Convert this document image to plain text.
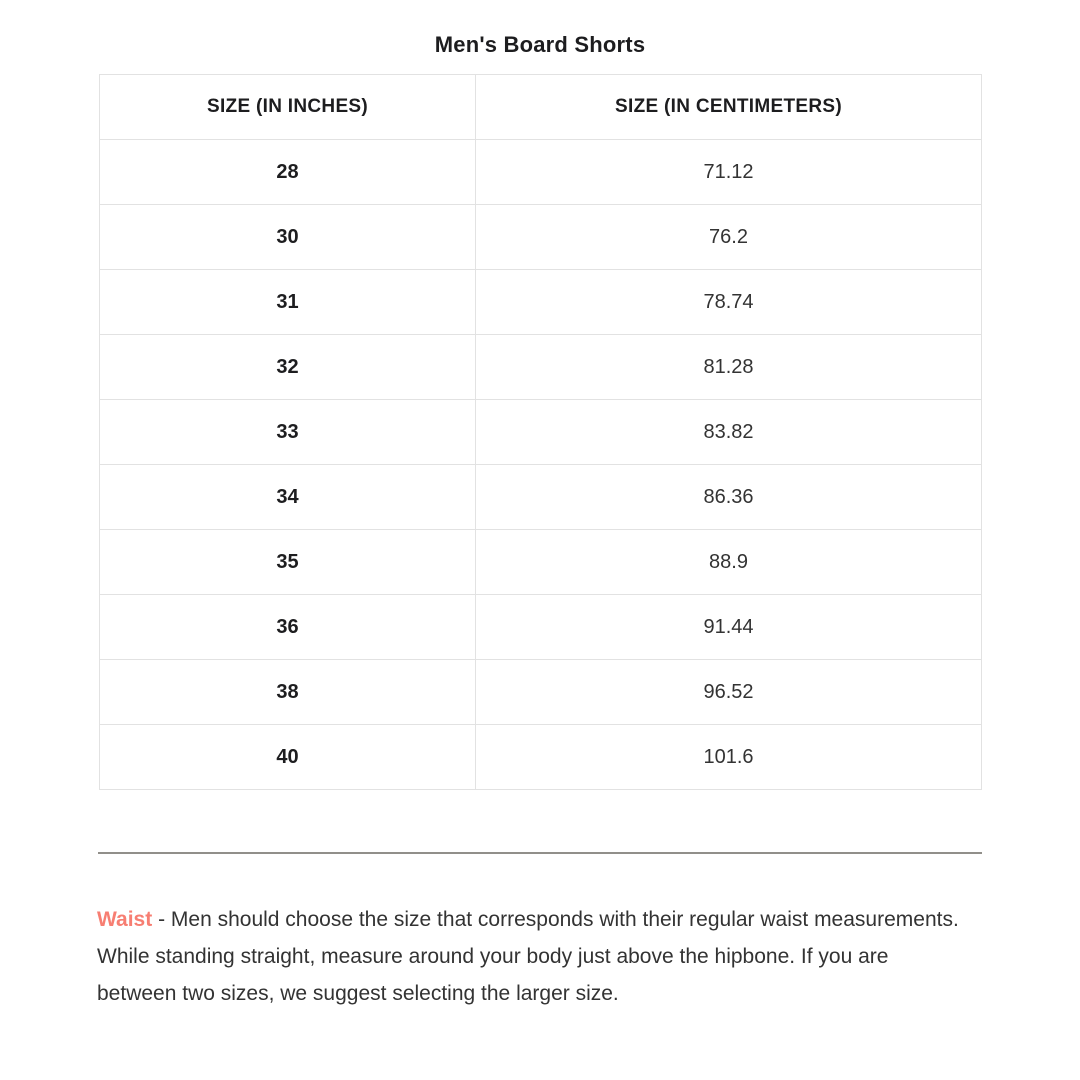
Men's Board Shorts
SIZE (IN INCHES)	SIZE (IN CENTIMETERS)
28	71.12
30	76.2
31	78.74
32	81.28
33	83.82
34	86.36
35	88.9
36	91.44
38	96.52
40	101.6

Waist - Men should choose the size that corresponds with their regular waist measurements. While standing straight, measure around your body just above the hipbone. If you are between two sizes, we suggest selecting the larger size.
